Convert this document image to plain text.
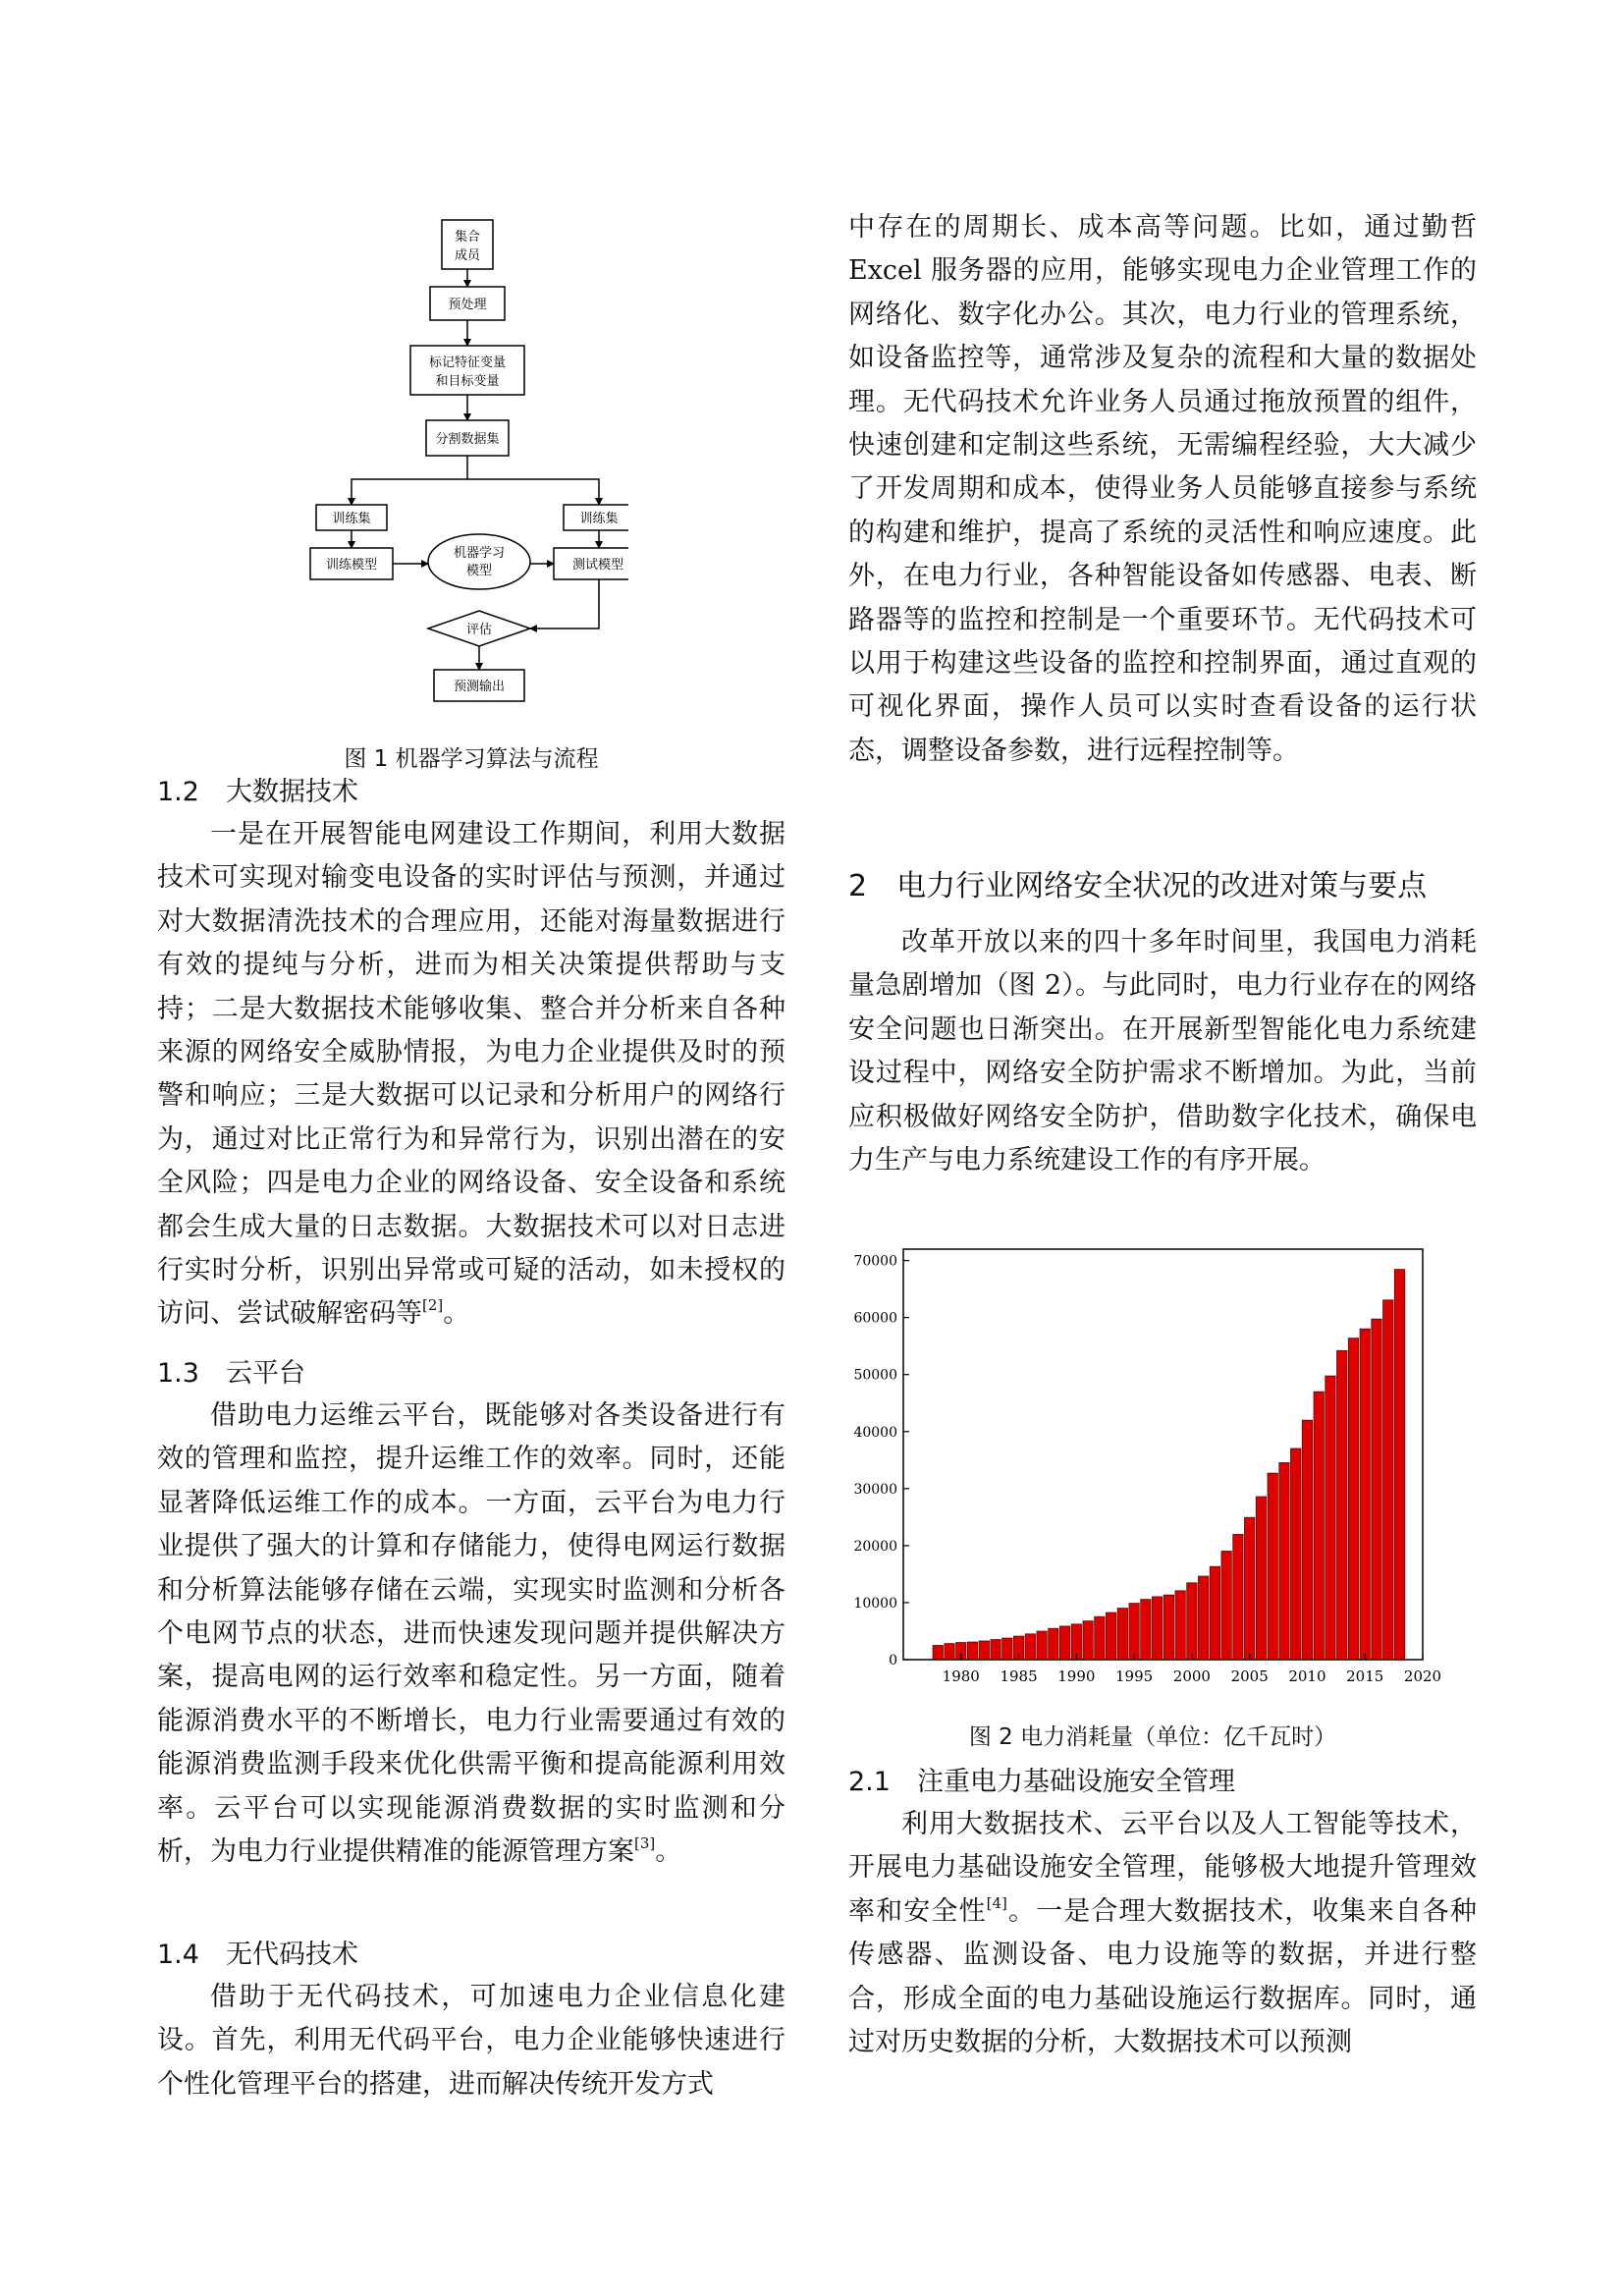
集合
成员
预处理
标记特征变量
和目标变量
分割数据集
训练集	训练集
训练模型
机器学习
模型	测试模型
评估
预测输出
图 1 机器学习算法与流程

1.2　大数据技术

一是在开展智能电网建设工作期间，利用大数据技术可实现对输变电设备的实时评估与预测，并通过对大数据清洗技术的合理应用，还能对海量数据进行有效的提纯与分析，进而为相关决策提供帮助与支持；二是大数据技术能够收集、整合并分析来自各种来源的网络安全威胁情报，为电力企业提供及时的预警和响应；三是大数据可以记录和分析用户的网络行为，通过对比正常行为和异常行为，识别出潜在的安全风险；四是电力企业的网络设备、安全设备和系统都会生成大量的日志数据。大数据技术可以对日志进行实时分析，识别出异常或可疑的活动，如未授权的访问、尝试破解密码等[2]。

1.3　云平台

借助电力运维云平台，既能够对各类设备进行有效的管理和监控，提升运维工作的效率。同时，还能显著降低运维工作的成本。一方面，云平台为电力行业提供了强大的计算和存储能力，使得电网运行数据和分析算法能够存储在云端，实现实时监测和分析各个电网节点的状态，进而快速发现问题并提供解决方案，提高电网的运行效率和稳定性。另一方面，随着能源消费水平的不断增长，电力行业需要通过有效的能源消费监测手段来优化供需平衡和提高能源利用效率。云平台可以实现能源消费数据的实时监测和分析，为电力行业提供精准的能源管理方案[3]。

1.4　无代码技术

借助于无代码技术，可加速电力企业信息化建设。首先，利用无代码平台，电力企业能够快速进行个性化管理平台的搭建，进而解决传统开发方式

中存在的周期长、成本高等问题。比如，通过勤哲Excel 服务器的应用，能够实现电力企业管理工作的网络化、数字化办公。其次，电力行业的管理系统，如设备监控等，通常涉及复杂的流程和大量的数据处理。无代码技术允许业务人员通过拖放预置的组件，快速创建和定制这些系统，无需编程经验，大大减少了开发周期和成本，使得业务人员能够直接参与系统的构建和维护，提高了系统的灵活性和响应速度。此外，在电力行业，各种智能设备如传感器、电表、断路器等的监控和控制是一个重要环节。无代码技术可以用于构建这些设备的监控和控制界面，通过直观的可视化界面，操作人员可以实时查看设备的运行状态，调整设备参数，进行远程控制等。

2　电力行业网络安全状况的改进对策与要点

改革开放以来的四十多年时间里，我国电力消耗量急剧增加（图 2）。与此同时，电力行业存在的网络安全问题也日渐突出。在开展新型智能化电力系统建设过程中，网络安全防护需求不断增加。为此，当前应积极做好网络安全防护，借助数字化技术，确保电力生产与电力系统建设工作的有序开展。

0
10000
20000
30000
40000
50000
60000
70000
1980 1985 1990 1995 2000 2005 2010 2015 2020
图 2 电力消耗量（单位：亿千瓦时）

2.1　注重电力基础设施安全管理

利用大数据技术、云平台以及人工智能等技术，开展电力基础设施安全管理，能够极大地提升管理效率和安全性[4]。一是合理大数据技术，收集来自各种传感器、监测设备、电力设施等的数据，并进行整合，形成全面的电力基础设施运行数据库。同时，通过对历史数据的分析，大数据技术可以预测
